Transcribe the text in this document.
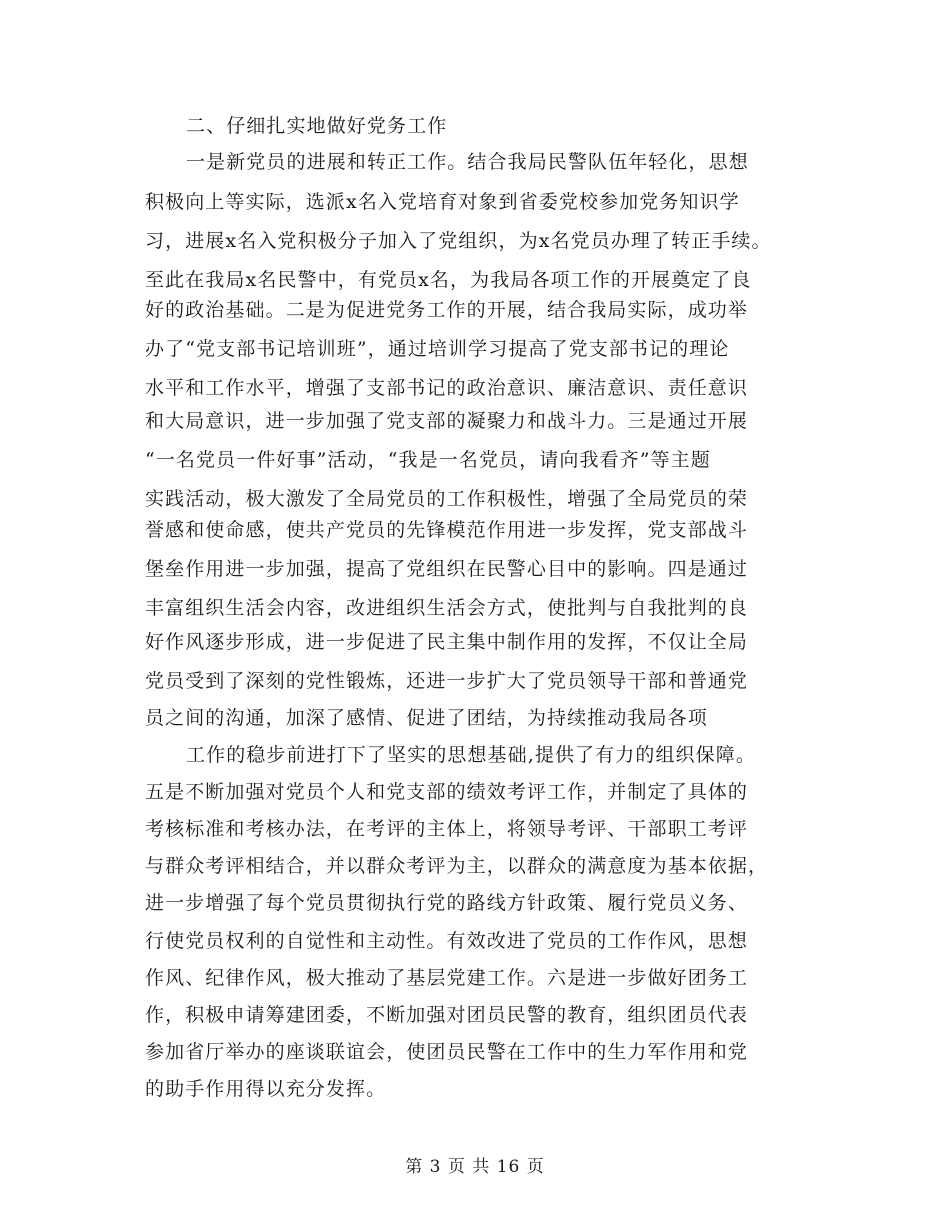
二、仔细扎实地做好党务工作
一是新党员的进展和转正工作。结合我局民警队伍年轻化，思想
积极向上等实际，选派x名入党培育对象到省委党校参加党务知识学
习，进展x名入党积极分子加入了党组织，为x名党员办理了转正手续。
至此在我局x名民警中，有党员x名，为我局各项工作的开展奠定了良
好的政治基础。二是为促进党务工作的开展，结合我局实际，成功举
办了“党支部书记培训班”，通过培训学习提高了党支部书记的理论
水平和工作水平，增强了支部书记的政治意识、廉洁意识、责任意识
和大局意识，进一步加强了党支部的凝聚力和战斗力。三是通过开展
“一名党员一件好事”活动，“我是一名党员，请向我看齐”等主题
实践活动，极大激发了全局党员的工作积极性，增强了全局党员的荣
誉感和使命感，使共产党员的先锋模范作用进一步发挥，党支部战斗
堡垒作用进一步加强，提高了党组织在民警心目中的影响。四是通过
丰富组织生活会内容，改进组织生活会方式，使批判与自我批判的良
好作风逐步形成，进一步促进了民主集中制作用的发挥，不仅让全局
党员受到了深刻的党性锻炼，还进一步扩大了党员领导干部和普通党
员之间的沟通，加深了感情、促进了团结，为持续推动我局各项
工作的稳步前进打下了坚实的思想基础,提供了有力的组织保障。
五是不断加强对党员个人和党支部的绩效考评工作，并制定了具体的
考核标准和考核办法，在考评的主体上，将领导考评、干部职工考评
与群众考评相结合，并以群众考评为主，以群众的满意度为基本依据，
进一步增强了每个党员贯彻执行党的路线方针政策、履行党员义务、
行使党员权利的自觉性和主动性。有效改进了党员的工作作风，思想
作风、纪律作风，极大推动了基层党建工作。六是进一步做好团务工
作，积极申请筹建团委，不断加强对团员民警的教育，组织团员代表
参加省厅举办的座谈联谊会，使团员民警在工作中的生力军作用和党
的助手作用得以充分发挥。
第 3 页 共 16 页
